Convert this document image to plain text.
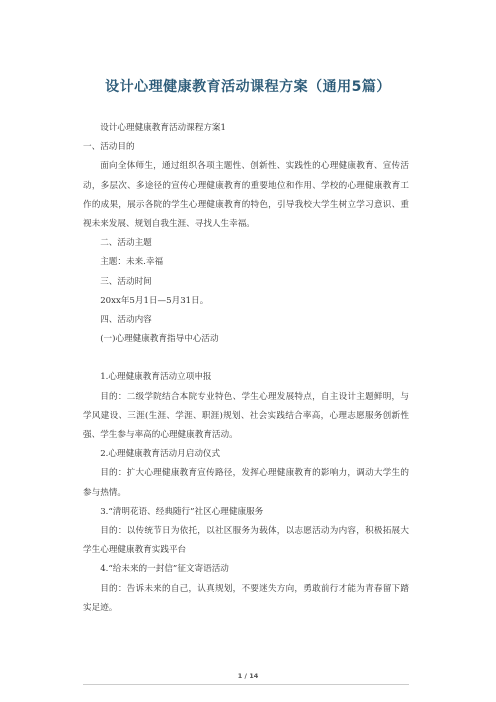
设计心理健康教育活动课程方案（通用5篇）

设计心理健康教育活动课程方案1

一、活动目的

面向全体师生，通过组织各项主题性、创新性、实践性的心理健康教育、宣传活动，多层次、多途径的宣传心理健康教育的重要地位和作用、学校的心理健康教育工作的成果，展示各院的学生心理健康教育的特色，引导我校大学生树立学习意识、重视未来发展、规划自我生涯、寻找人生幸福。

二、活动主题

主题：未来.幸福

三、活动时间

20xx年5月1日—5月31日。

四、活动内容

(一)心理健康教育指导中心活动

1.心理健康教育活动立项申报

目的：二级学院结合本院专业特色、学生心理发展特点，自主设计主题鲜明，与学风建设、三涯(生涯、学涯、职涯)规划、社会实践结合率高，心理志愿服务创新性强、学生参与率高的心理健康教育活动。

2.心理健康教育活动月启动仪式

目的：扩大心理健康教育宣传路径，发挥心理健康教育的影响力，调动大学生的参与热情。

3.“清明花语、经典随行”社区心理健康服务

目的：以传统节日为依托，以社区服务为载体，以志愿活动为内容，积极拓展大学生心理健康教育实践平台

4.“给未来的一封信”征文寄语活动

目的：告诉未来的自己，认真规划，不要迷失方向，勇敢前行才能为青春留下踏实足迹。

1 / 14
